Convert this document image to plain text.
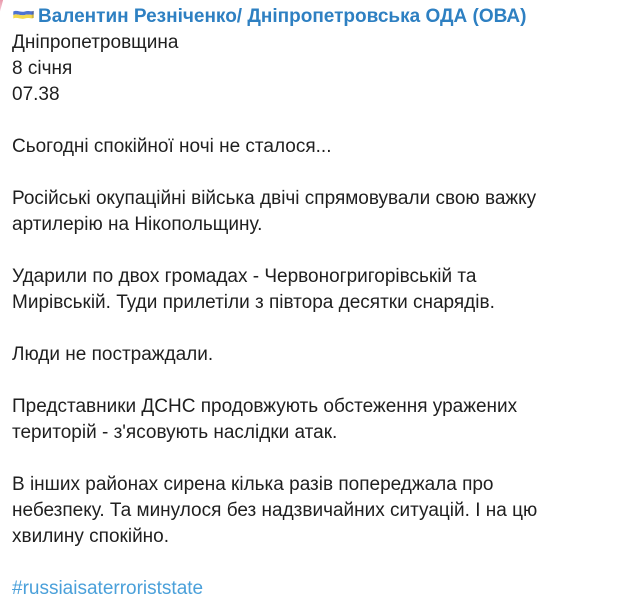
Валентин Резніченко/ Дніпропетровська ОДА (ОВА)
Дніпропетровщина
8 січня
07.38

Сьогодні спокійної ночі не сталося...

Російські окупаційні війська двічі спрямовували свою важку
артилерію на Нікопольщину.

Ударили по двох громадах - Червоногригорівській та
Мирівській. Туди прилетіли з півтора десятки снарядів.

Люди не постраждали.

Представники ДСНС продовжують обстеження уражених
територій - з'ясовують наслідки атак.

В інших районах сирена кілька разів попереджала про
небезпеку. Та минулося без надзвичайних ситуацій. І на цю
хвилину спокійно.

#russiaisaterroriststate
